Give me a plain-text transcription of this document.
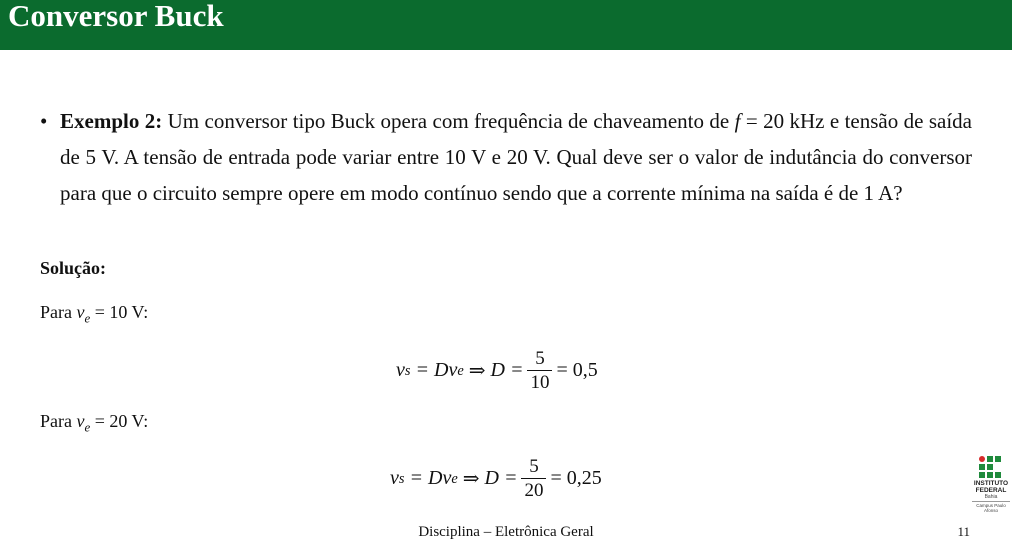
Conversor Buck
• Exemplo 2: Um conversor tipo Buck opera com frequência de chaveamento de f = 20 kHz e tensão de saída de 5 V. A tensão de entrada pode variar entre 10 V e 20 V. Qual deve ser o valor de indutância do conversor para que o circuito sempre opere em modo contínuo sendo que a corrente mínima na saída é de 1 A?
Solução:
Para $v_e = 10$ V:
v s = D v e ⇒ $D = \frac{5}{10} = 0,5$
Para $v_e = 20$ V:
v s = D v e ⇒ $D = \frac{5}{20} = 0,25$	INSTITUTO
FEDERAL
Bahia
Campus Paulo Afonso
Disciplina – Eletrônica Geral	11
